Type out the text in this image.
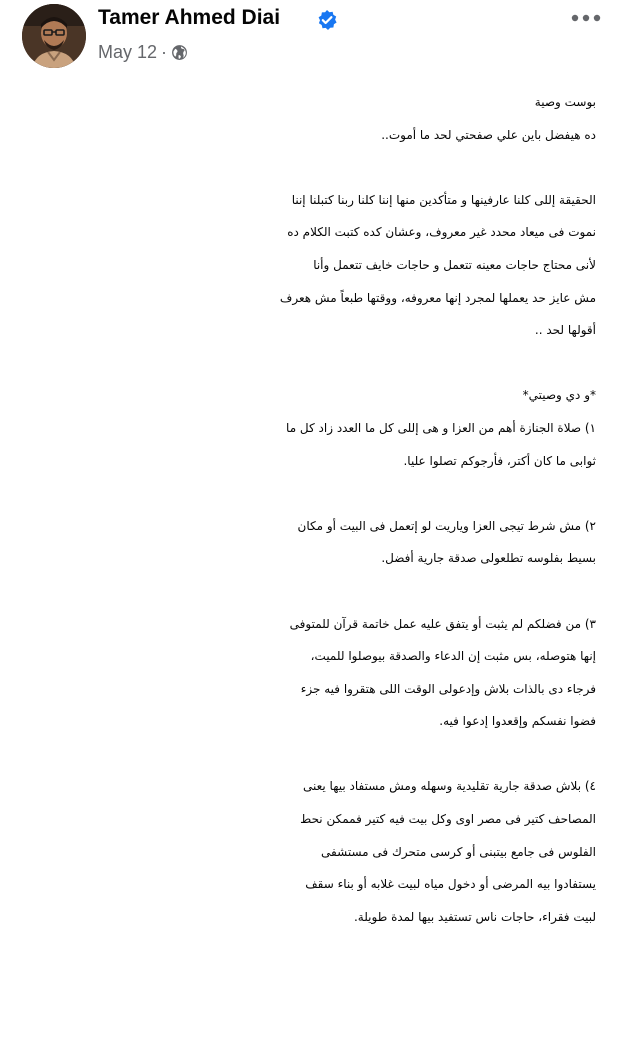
Tamer Ahmed Diai
May 12 ·
بوست وصية
ده هيفضل باين علي صفحتي لحد ما أموت..
الحقيقة إللى كلنا عارفينها و متأكدين منها إننا كلنا ربنا كتبلنا إننا
نموت فى ميعاد محدد غير معروف، وعشان كده كتبت الكلام ده
لأنى محتاج حاجات معينه تتعمل و حاجات خايف تتعمل وأنا
مش عايز حد يعملها لمجرد إنها معروفه، ووقتها طبعاً مش هعرف
أقولها لحد ..
*و دي وصيتي*
١) صلاة الجنازة أهم من العزا و هى إللى كل ما العدد زاد كل ما
ثوابى ما كان أكتر، فأرجوكم تصلوا عليا.
٢) مش شرط تيجى العزا وياريت لو إتعمل فى البيت أو مكان
بسيط بفلوسه تطلعولى صدقة جارية أفضل.
٣) من فضلكم لم يثبت أو يتفق عليه عمل خاتمة قرآن للمتوفى
إنها هتوصله، بس مثبت إن الدعاء والصدقة بيوصلوا للميت،
فرجاء دى بالذات بلاش وإدعولى الوقت اللى هتقروا فيه جزء
فضوا نفسكم وإقعدوا إدعوا فيه.
٤) بلاش صدقة جارية تقليدية وسهله ومش مستفاد بيها يعنى
المصاحف كتير فى مصر اوى وكل بيت فيه كتير فممكن نحط
الفلوس فى جامع بيتبنى أو كرسى متحرك فى مستشفى
يستفادوا بيه المرضى أو دخول مياه لبيت غلابه أو بناء سقف
لبيت فقراء، حاجات ناس تستفيد بيها لمدة طويلة.
